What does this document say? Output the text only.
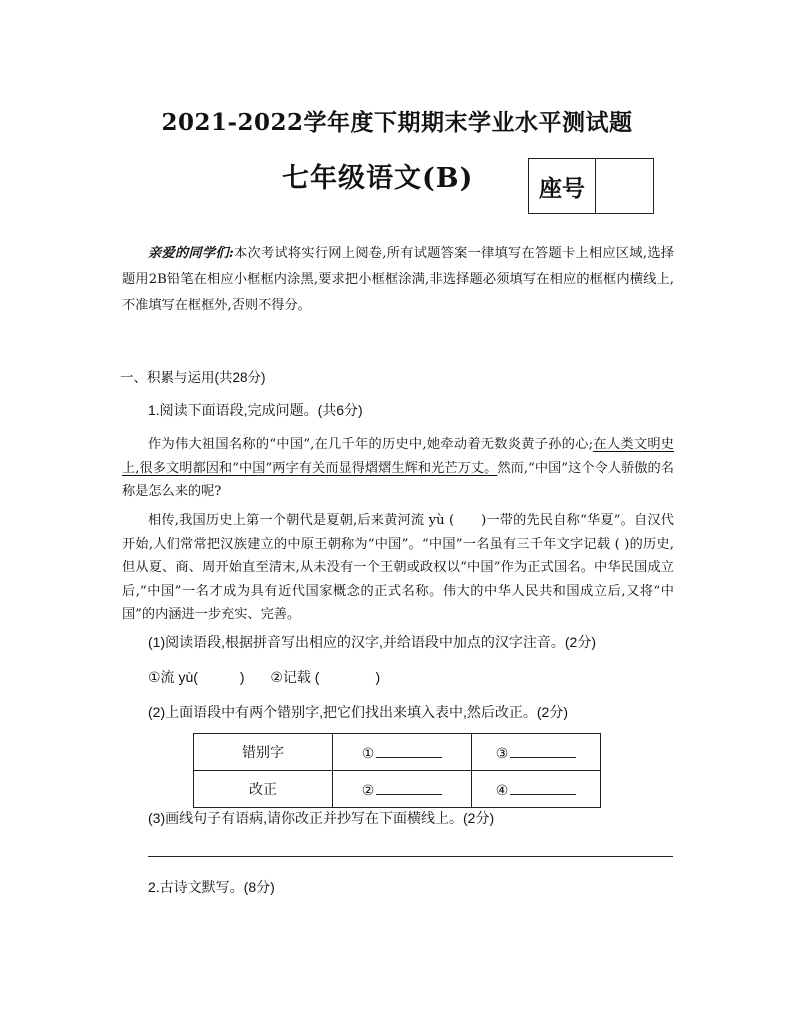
2021-2022学年度下期期末学业水平测试题
七年级语文(B)	座号
亲爱的同学们:本次考试将实行网上阅卷,所有试题答案一律填写在答题卡上相应区域,选择题用2B铅笔在相应小框框内涂黑,要求把小框框涂满,非选择题必须填写在相应的框框内横线上,不准填写在框框外,否则不得分。
一、积累与运用(共28分)
1.阅读下面语段,完成问题。(共6分)
作为伟大祖国名称的“中国”,在几千年的历史中,她牵动着无数炎黄子孙的心;在人类文明史上,很多文明都因和“中国”两字有关而显得熠熠生辉和光芒万丈。然而,“中国”这个令人骄傲的名称是怎么来的呢?
相传,我国历史上第一个朝代是夏朝,后来黄河流 yù (　　)一带的先民自称“华夏”。自汉代开始,人们常常把汉族建立的中原王朝称为“中国”。“中国”一名虽有三千年文字记载 ( )的历史,但从夏、商、周开始直至清末,从未没有一个王朝或政权以“中国”作为正式国名。中华民国成立后,“中国”一名才成为具有近代国家概念的正式名称。伟大的中华人民共和国成立后,又将“中国”的内涵进一步充实、完善。
(1)阅读语段,根据拼音写出相应的汉字,并给语段中加点的汉字注音。(2分)
①流 yù(　　　) ②记载 (　　　　)
(2)上面语段中有两个错别字,把它们找出来填入表中,然后改正。(2分)
错别字	①	③
改正	②	④
(3)画线句子有语病,请你改正并抄写在下面横线上。(2分)
2.古诗文默写。(8分)
